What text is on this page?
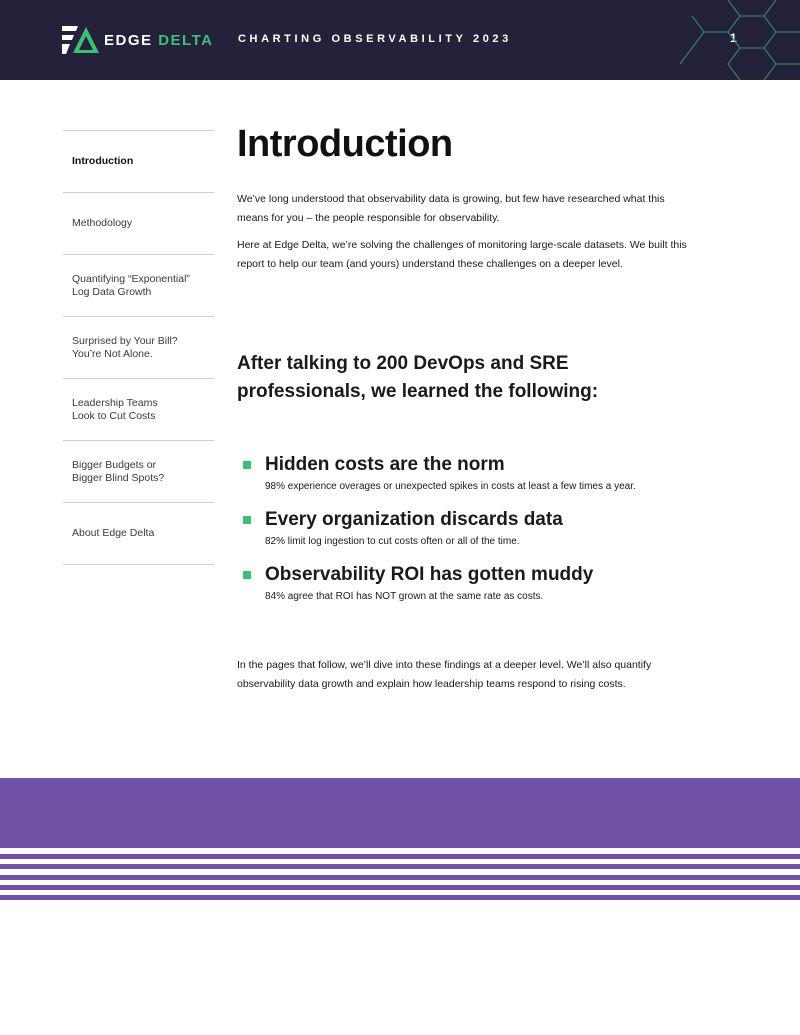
EDGE DELTA CHARTING OBSERVABILITY 2023	1
Introduction
Methodology
Quantifying “Exponential”
Log Data Growth
Surprised by Your Bill?
You’re Not Alone.
Leadership Teams
Look to Cut Costs
Bigger Budgets or
Bigger Blind Spots?
About Edge Delta
Introduction

We’ve long understood that observability data is growing, but few have researched what this means for you – the people responsible for observability.

Here at Edge Delta, we’re solving the challenges of monitoring large-scale datasets. We built this report to help our team (and yours) understand these challenges on a deeper level.

After talking to 200 DevOps and SRE professionals, we learned the following:
Hidden costs are the norm
98% experience overages or unexpected spikes in costs at least a few times a year.
Every organization discards data
82% limit log ingestion to cut costs often or all of the time.
Observability ROI has gotten muddy
84% agree that ROI has NOT grown at the same rate as costs.

In the pages that follow, we’ll dive into these findings at a deeper level. We’ll also quantify observability data growth and explain how leadership teams respond to rising costs.
